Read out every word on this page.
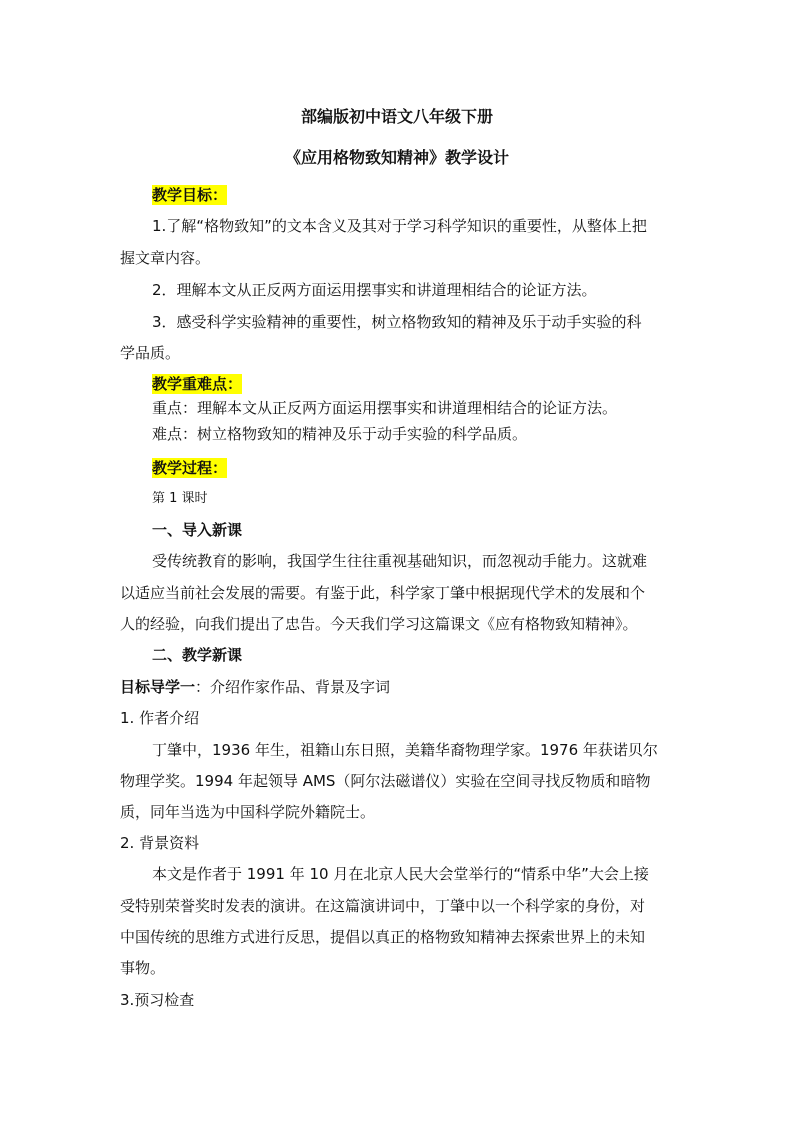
部编版初中语文八年级下册
《应用格物致知精神》教学设计
教学目标：
1.了解“格物致知”的文本含义及其对于学习科学知识的重要性，从整体上把
握文章内容。
2．理解本文从正反两方面运用摆事实和讲道理相结合的论证方法。
3．感受科学实验精神的重要性，树立格物致知的精神及乐于动手实验的科
学品质。
教学重难点：
重点：理解本文从正反两方面运用摆事实和讲道理相结合的论证方法。
难点：树立格物致知的精神及乐于动手实验的科学品质。
教学过程：
第 1 课时
一、导入新课
受传统教育的影响，我国学生往往重视基础知识，而忽视动手能力。这就难
以适应当前社会发展的需要。有鉴于此，科学家丁肇中根据现代学术的发展和个
人的经验，向我们提出了忠告。今天我们学习这篇课文《应有格物致知精神》。
二、教学新课
目标导学一：介绍作家作品、背景及字词
1. 作者介绍
丁肇中，1936 年生，祖籍山东日照，美籍华裔物理学家。1976 年获诺贝尔
物理学奖。1994 年起领导 AMS（阿尔法磁谱仪）实验在空间寻找反物质和暗物
质，同年当选为中国科学院外籍院士。
2. 背景资料
本文是作者于 1991 年 10 月在北京人民大会堂举行的“情系中华”大会上接
受特别荣誉奖时发表的演讲。在这篇演讲词中，丁肇中以一个科学家的身份，对
中国传统的思维方式进行反思，提倡以真正的格物致知精神去探索世界上的未知
事物。
3.预习检查
